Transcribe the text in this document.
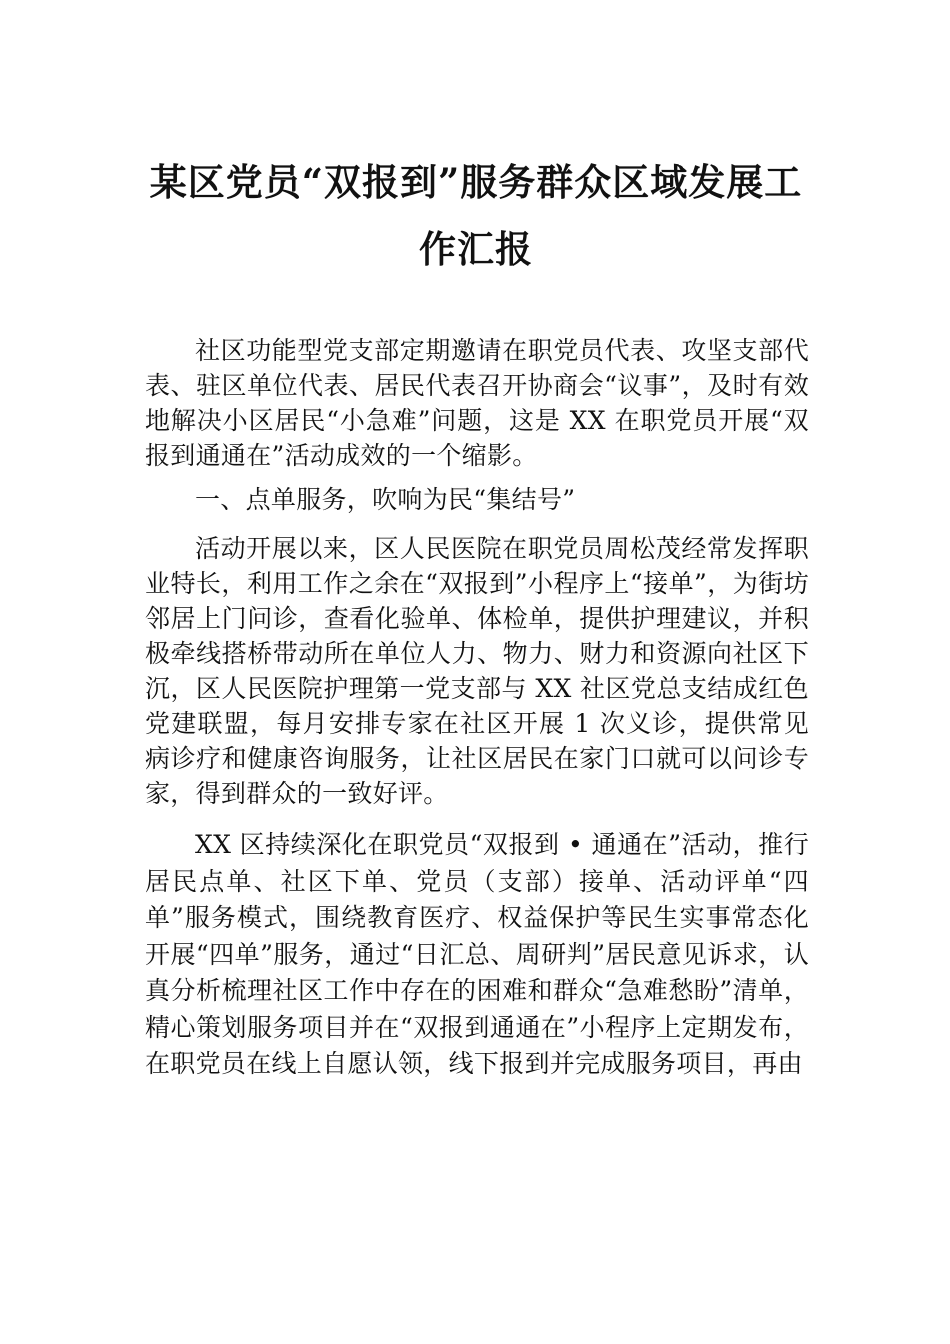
某区党员“双报到”服务群众区域发展工
作汇报

社区功能型党支部定期邀请在职党员代表、攻坚支部代表、驻区单位代表、居民代表召开协商会“议事”，及时有效地解决小区居民“小急难”问题，这是 XX 在职党员开展“双报到通通在”活动成效的一个缩影。

一、点单服务，吹响为民“集结号”

活动开展以来，区人民医院在职党员周松茂经常发挥职业特长，利用工作之余在“双报到”小程序上“接单”，为街坊邻居上门问诊，查看化验单、体检单，提供护理建议，并积极牵线搭桥带动所在单位人力、物力、财力和资源向社区下沉，区人民医院护理第一党支部与 XX 社区党总支结成红色党建联盟，每月安排专家在社区开展 1 次义诊，提供常见病诊疗和健康咨询服务，让社区居民在家门口就可以问诊专家，得到群众的一致好评。

XX 区持续深化在职党员“双报到 • 通通在”活动，推行居民点单、社区下单、党员（支部）接单、活动评单“四单”服务模式，围绕教育医疗、权益保护等民生实事常态化开展“四单”服务，通过“日汇总、周研判”居民意见诉求，认真分析梳理社区工作中存在的困难和群众“急难愁盼”清单， 精心策划服务项目并在“双报到通通在”小程序上定期发布， 在职党员在线上自愿认领，线下报到并完成服务项目，再由
